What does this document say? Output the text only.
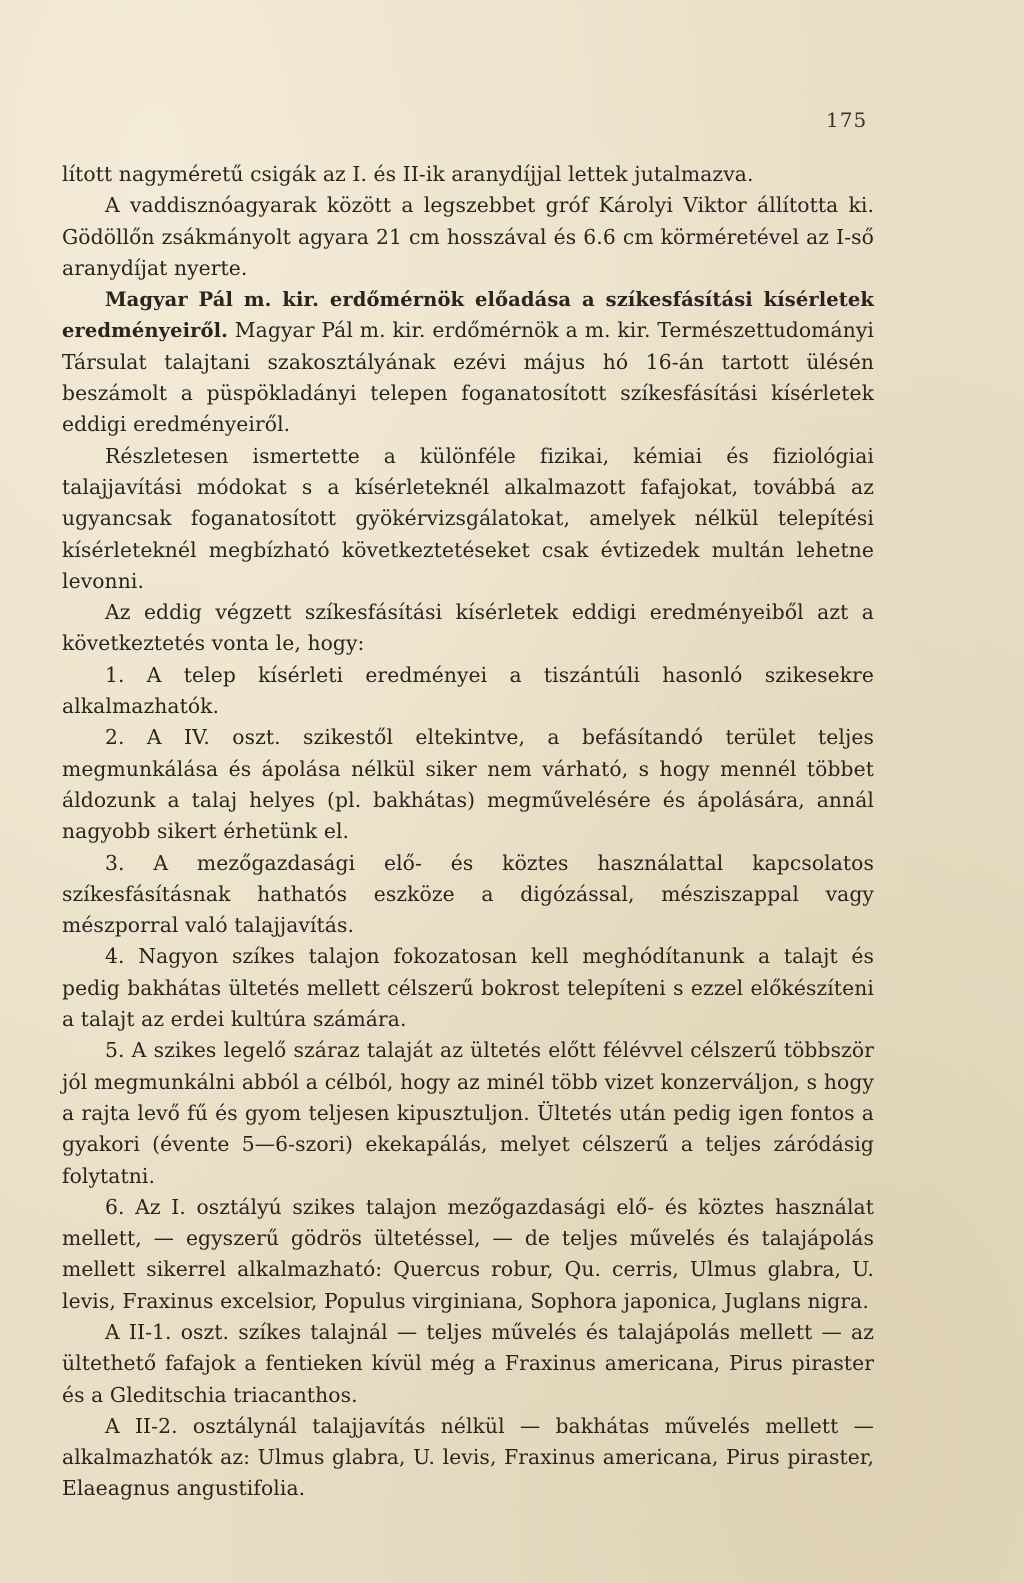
175

lított nagyméretű csigák az I. és II-ik aranydíjjal lettek jutalmazva.

A vaddisznóagyarak között a legszebbet gróf Károlyi Viktor állította ki. Gödöllőn zsákmányolt agyara 21 cm hosszával és 6.6 cm körméretével az I-ső aranydíjat nyerte.

Magyar Pál m. kir. erdőmérnök előadása a szíkesfásítási kísérletek eredményeiről. Magyar Pál m. kir. erdőmérnök a m. kir. Természettudományi Társulat talajtani szakosztályának ezévi május hó 16-án tartott ülésén beszámolt a püspökladányi telepen foganatosított szíkesfásítási kísérletek eddigi eredményeiről.

Részletesen ismertette a különféle fizikai, kémiai és fiziológiai talajjavítási módokat s a kísérleteknél alkalmazott fafajokat, továbbá az ugyancsak foganatosított gyökérvizsgálatokat, amelyek nélkül telepítési kísérleteknél megbízható következtetéseket csak évtizedek multán lehetne levonni.

Az eddig végzett szíkesfásítási kísérletek eddigi eredményeiből azt a következtetés vonta le, hogy:

1. A telep kísérleti eredményei a tiszántúli hasonló szikesekre alkalmazhatók.

2. A IV. oszt. szikestől eltekintve, a befásítandó terület teljes megmunkálása és ápolása nélkül siker nem várható, s hogy mennél többet áldozunk a talaj helyes (pl. bakhátas) megművelésére és ápolására, annál nagyobb sikert érhetünk el.

3. A mezőgazdasági elő- és köztes használattal kapcsolatos szíkesfásításnak hathatós eszköze a digózással, mésziszappal vagy mészporral való talajjavítás.

4. Nagyon szíkes talajon fokozatosan kell meghódítanunk a talajt és pedig bakhátas ültetés mellett célszerű bokrost telepíteni s ezzel előkészíteni a talajt az erdei kultúra számára.

5. A szikes legelő száraz talaját az ültetés előtt félévvel célszerű többször jól megmunkálni abból a célból, hogy az minél több vizet konzerváljon, s hogy a rajta levő fű és gyom teljesen kipusztuljon. Ültetés után pedig igen fontos a gyakori (évente 5—6-szori) ekekapálás, melyet célszerű a teljes záródásig folytatni.

6. Az I. osztályú szikes talajon mezőgazdasági elő- és köztes használat mellett, — egyszerű gödrös ültetéssel, — de teljes művelés és talajápolás mellett sikerrel alkalmazható: Quercus robur, Qu. cerris, Ulmus glabra, U. levis, Fraxinus excelsior, Populus virginiana, Sophora japonica, Juglans nigra.

A II-1. oszt. szíkes talajnál — teljes művelés és talajápolás mellett — az ültethető fafajok a fentieken kívül még a Fraxinus americana, Pirus piraster és a Gleditschia triacanthos.

A II-2. osztálynál talajjavítás nélkül — bakhátas művelés mellett — alkalmazhatók az: Ulmus glabra, U. levis, Fraxinus americana, Pirus piraster, Elaeagnus angustifolia.
